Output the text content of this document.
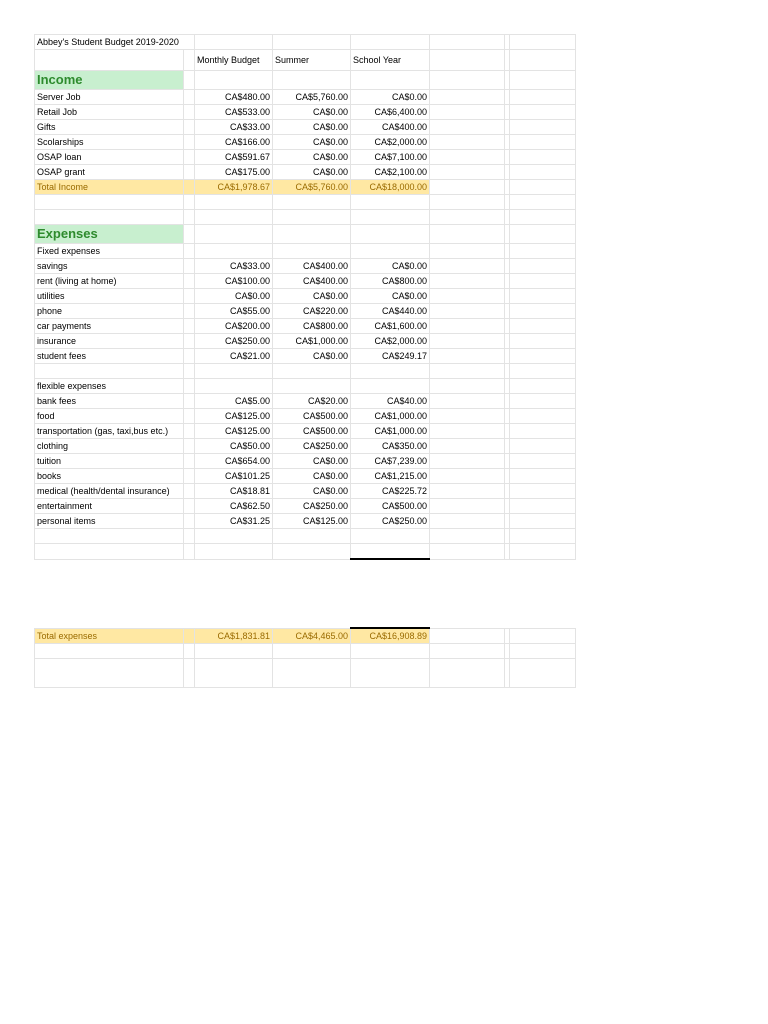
Abbey's Student Budget 2019-2020							
		Monthly Budget	Summer	School Year			
Income							
Server Job		CA$480.00	CA$5,760.00	CA$0.00			
Retail Job		CA$533.00	CA$0.00	CA$6,400.00			
Gifts		CA$33.00	CA$0.00	CA$400.00			
Scolarships		CA$166.00	CA$0.00	CA$2,000.00			
OSAP loan		CA$591.67	CA$0.00	CA$7,100.00			
OSAP grant		CA$175.00	CA$0.00	CA$2,100.00			
Total Income		CA$1,978.67	CA$5,760.00	CA$18,000.00			

Expenses							
Fixed expenses							
savings		CA$33.00	CA$400.00	CA$0.00			
rent (living at home)		CA$100.00	CA$400.00	CA$800.00			
utilities		CA$0.00	CA$0.00	CA$0.00			
phone		CA$55.00	CA$220.00	CA$440.00			
car payments		CA$200.00	CA$800.00	CA$1,600.00			
insurance		CA$250.00	CA$1,000.00	CA$2,000.00			
student fees		CA$21.00	CA$0.00	CA$249.17			

flexible expenses							
bank fees		CA$5.00	CA$20.00	CA$40.00			
food		CA$125.00	CA$500.00	CA$1,000.00			
transportation (gas, taxi,bus etc.)		CA$125.00	CA$500.00	CA$1,000.00			
clothing		CA$50.00	CA$250.00	CA$350.00			
tuition		CA$654.00	CA$0.00	CA$7,239.00			
books		CA$101.25	CA$0.00	CA$1,215.00			
medical (health/dental insurance)		CA$18.81	CA$0.00	CA$225.72			
entertainment		CA$62.50	CA$250.00	CA$500.00			
personal items		CA$31.25	CA$125.00	CA$250.00			

Total expenses		CA$1,831.81	CA$4,465.00	CA$16,908.89			
